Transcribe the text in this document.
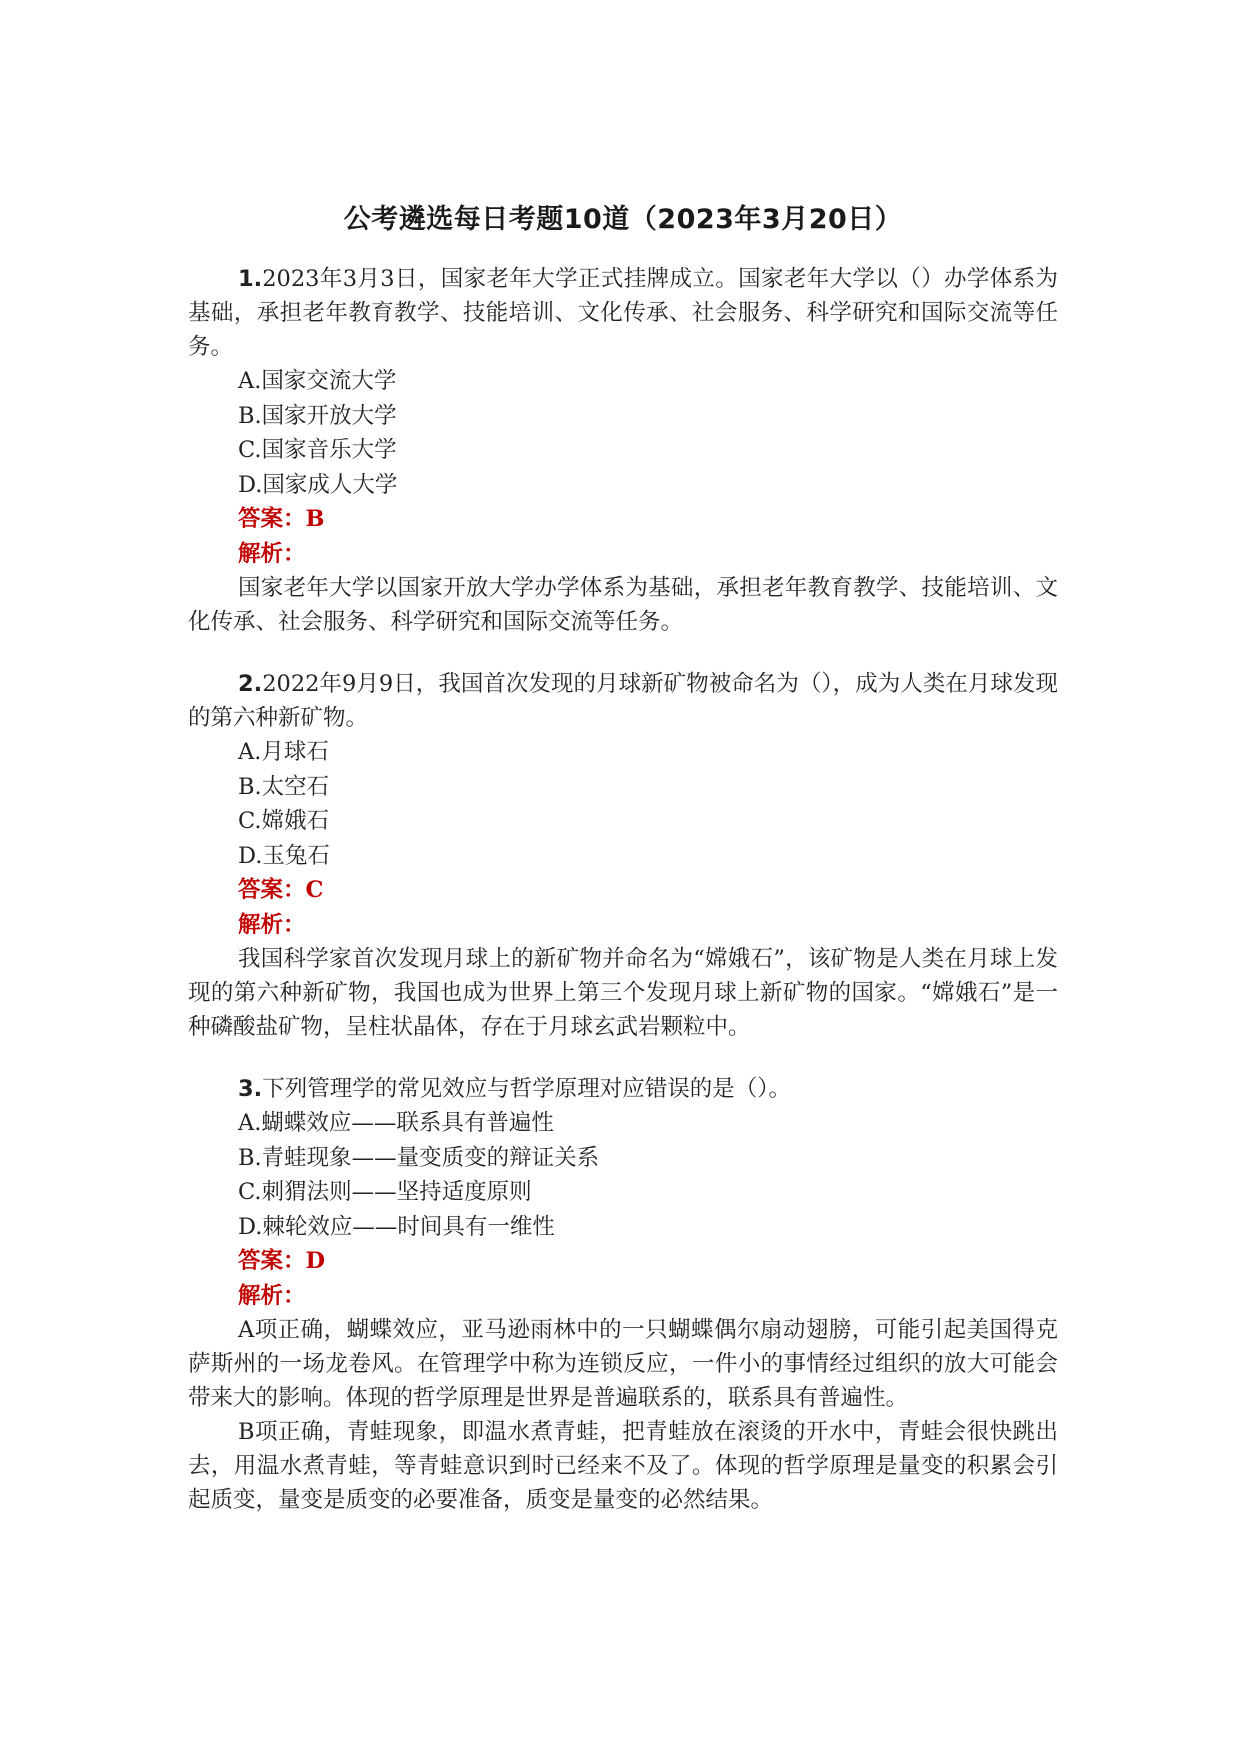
公考遴选每日考题10道（2023年3月20日）

1.2023年3月3日，国家老年大学正式挂牌成立。国家老年大学以（）办学体系为基础，承担老年教育教学、技能培训、文化传承、社会服务、科学研究和国际交流等任务。

A.国家交流大学

B.国家开放大学

C.国家音乐大学

D.国家成人大学

答案：B

解析：

国家老年大学以国家开放大学办学体系为基础，承担老年教育教学、技能培训、文化传承、社会服务、科学研究和国际交流等任务。

2.2022年9月9日，我国首次发现的月球新矿物被命名为（），成为人类在月球发现的第六种新矿物。

A.月球石

B.太空石

C.嫦娥石

D.玉兔石

答案：C

解析：

我国科学家首次发现月球上的新矿物并命名为“嫦娥石”，该矿物是人类在月球上发现的第六种新矿物，我国也成为世界上第三个发现月球上新矿物的国家。“嫦娥石”是一种磷酸盐矿物，呈柱状晶体，存在于月球玄武岩颗粒中。

3.下列管理学的常见效应与哲学原理对应错误的是（）。

A.蝴蝶效应——联系具有普遍性

B.青蛙现象——量变质变的辩证关系

C.刺猬法则——坚持适度原则

D.棘轮效应——时间具有一维性

答案：D

解析：

A项正确，蝴蝶效应，亚马逊雨林中的一只蝴蝶偶尔扇动翅膀，可能引起美国得克萨斯州的一场龙卷风。在管理学中称为连锁反应，一件小的事情经过组织的放大可能会带来大的影响。体现的哲学原理是世界是普遍联系的，联系具有普遍性。

B项正确，青蛙现象，即温水煮青蛙，把青蛙放在滚烫的开水中，青蛙会很快跳出去，用温水煮青蛙，等青蛙意识到时已经来不及了。体现的哲学原理是量变的积累会引起质变，量变是质变的必要准备，质变是量变的必然结果。
